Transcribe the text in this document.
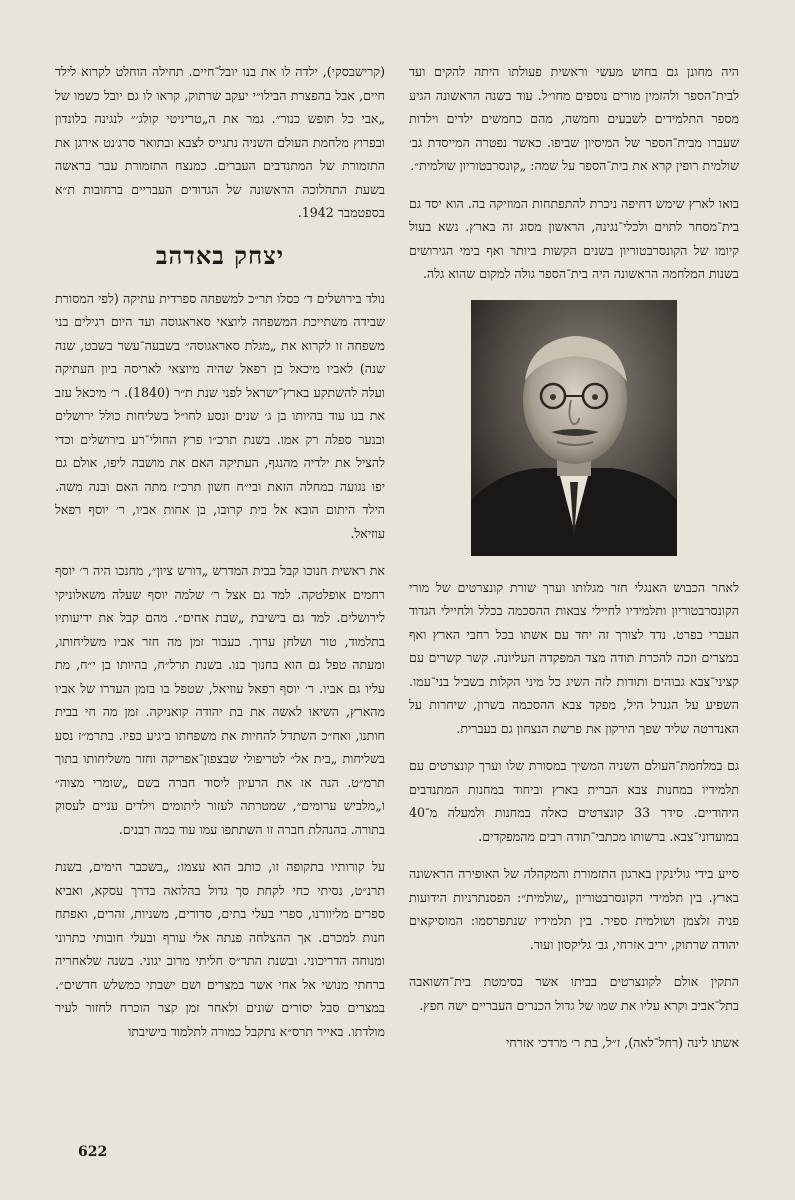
היה מחונן גם בחוש מעשי וראשית פעולתו היתה להקים ועד לבית־הספר ולהזמין מורים נוספים מחו״ל. עוד בשנה הראשונה הגיע מספר התלמידים לשבעים וחמשה, מהם כחמשים ילדים וילדות שעברו מבית־הספר של המיסיון שביפו. כאשר נפטרה המייסדת גב׳ שולמית רופין קרא את בית־הספר על שמה: „קונסרבטוריון שולמית״.

בואו לארץ שימש דחיפה ניכרת להתפתחות המוזיקה בה. הוא יסד גם בית־מסחר לתוים ולכלי־נגינה, הראשון מסוג זה בארץ. נשא בעול קיומו של הקונסרבטוריון בשנים הקשות ביותר ואף בימי הגירושים בשנות המלחמה הראשונה היה בית־הספר גולה למקום שהוא גלה.

לאחר הכבוש האנגלי חזר מגלותו וערך שורת קונצרטים של מורי הקונסרבטוריון ותלמידיו לחיילי צבאות ההסכמה בכלל ולחיילי הגדוד העברי בפרט. נדד לצורך זה יחד עם אשתו בכל רחבי הארץ ואף במצרים וזכה להכרת תודה מצד המפקדה העליונה. קשר קשרים עם קציני־צבא גבוהים ותודות לזה השיג כל מיני הקלות בשביל בני־עמו. השפיע על הגנרל היל, מפקד צבא ההסכמה בשרון, שיחרות על האנדרטה שליד שפך הירקון את פרשת הנצחון גם בעברית.

גם במלחמת־העולם השניה המשיך במסורת שלו וערך קונצרטים עם תלמידיו במחנות צבא הברית בארץ וביחוד במחנות המתנדבים היהודיים. סידר 33 קונצרטים כאלה במחנות ולמעלה מ־40 במועדוני־צבא. ברשותו מכתבי־תודה רבים מהמפקדים.

סייע בידי גולינקין בארגון התזמורת והמקהלה של האופירה הראשונה בארץ. בין תלמידי הקונסרבטוריון „שולמית״: הפסנתרניות הידועות פניה זלצמן ושולמית ספיר. בין תלמידיו שנתפרסמו: המוסיקאים יהודה שרתוק, יריב אזרחי, גב׳ גליקסון ועוד.

התקין אולם לקונצרטים בביתו אשר בסימטת בית־השואבה בתל־אביב וקרא עליו את שמו של גדול הכנרים העבריים ישה חפץ.

אשתו לינה (רחל־לאה), ז״ל, בת ר׳ מרדכי אזרחי

(קרישבסקי), ילדה לו את בנו יובל־חיים. תחילה הוחלט לקרוא לילד חיים, אבל בהפצרת הבילו״י יעקב שרתוק, קראו לו גם יובל כשמו של „אבי כל תופש כנור״. גמר את ה„טריניטי קולג׳״ לנגינה בלונדון ובפרוץ מלחמת העולם השניה נתגייס לצבא ובתואר סרג׳נט אירגן את התזמורת של המתנדבים העברים. כמנצח התזמורת עבר בראשה בשעת התהלוכה הראשונה של הגדודים העבריים ברחובות ת״א בספטמבר 1942.

יצחק באדהב

נולד בירושלים ד׳ כסלו תר״כ למשפחה ספרדית עתיקה (לפי המסורת שבידה משתייכת המשפחה ליוצאי סאראגוסה ועד היום רגילים בני משפחה זו לקרוא את „מגלת סאראגוסה״ בשבעה־עשר בשבט, שנה שנה) לאביו מיכאל בן רפאל שהיה מיוצאי לאריסה ביון העתיקה ועלה להשתקע בארץ־ישראל לפני שנת ת״ר (1840). ר׳ מיכאל עזב את בנו עוד בהיותו בן ג׳ שנים ונסע לחו״ל בשליחות כולל ירושלים ובנער ספלה רק אמו. בשנת תרכ״ו פרץ החולי־רע בירושלים וכדי להציל את ילדיה מהנגף, העתיקה האם את מושבה ליפו, אולם גם יפו נגועה במחלה הזאת ובי״ח חשון תרכ״ז מתה האם ובנה משה. הילד היתום הובא אל בית קרובו, בן אחות אביו, ר׳ יוסף רפאל עוזיאל.

את ראשית חנוכו קבל בבית המדרש „דורש ציון״, מחנכו היה ר׳ יוסף רחמים אופלטקה. למד גם אצל ר׳ שלמה יוסף שעלה משאלוניקי לירושלים. למד גם בישיבת „שבת אחים״. מהם קבל את ידיעותיו בתלמוד, טור ושלחן ערוך. כעבור זמן מה חזר אביו משליחותו, ומעתה טפל גם הוא בחנוך בנו. בשנת תרל״ח, בהיותו בן י״ח, מת עליו גם אביו. ר׳ יוסף רפאל עוזיאל, שטפל בו בזמן העדרו של אביו מהארץ, השיאו לאשה את בת יהודה קואניקה. זמן מה חי בבית חותנו, ואח״כ השתדל להחיות את משפחתו ביגיע כפיו. בתרמ״ז נסע בשליחות „בית אל״ לטריפולי שבצפון־אפריקה וחזר משליחותו בתוך תרמ״ט. הנה אז את הרעיון ליסוד חברה בשם „שומרי מצוה״ ו„מלביש ערומים״, שמטרתה לעזור ליתומים וילדים עניים לעסוק בתורה. בהנהלת חברה זו השתתפו עמו עוד כמה רבנים.

על קורותיו בתקופה זו, כותב הוא עצמו: „בשכבר הימים, בשנת תרנ״ט, נסיתי כחי לקחת סך גדול בהלואה בדרך עסקא, ואביא ספרים מליוורנו, ספרי בעלי בתים, סדורים, משניות, זהרים, ואפתח חנות למכרם. אך ההצלחה פנתה אלי עורף ובעלי חובותי כתרוני ומנוחה הדריכוני. ובשנת התר״ס חליתי מרוב יגוני. בשנה שלאחריה ברחתי מנושי אל אחי אשר במצרים ושם ישבתי כמשלש חדשים״. במצרים סבל יסורים שונים ולאחר זמן קצר הוכרח לחזור לעיר מולדתו. באייר תרס״א נתקבל כמורה לתלמוד בישיבתו

622
